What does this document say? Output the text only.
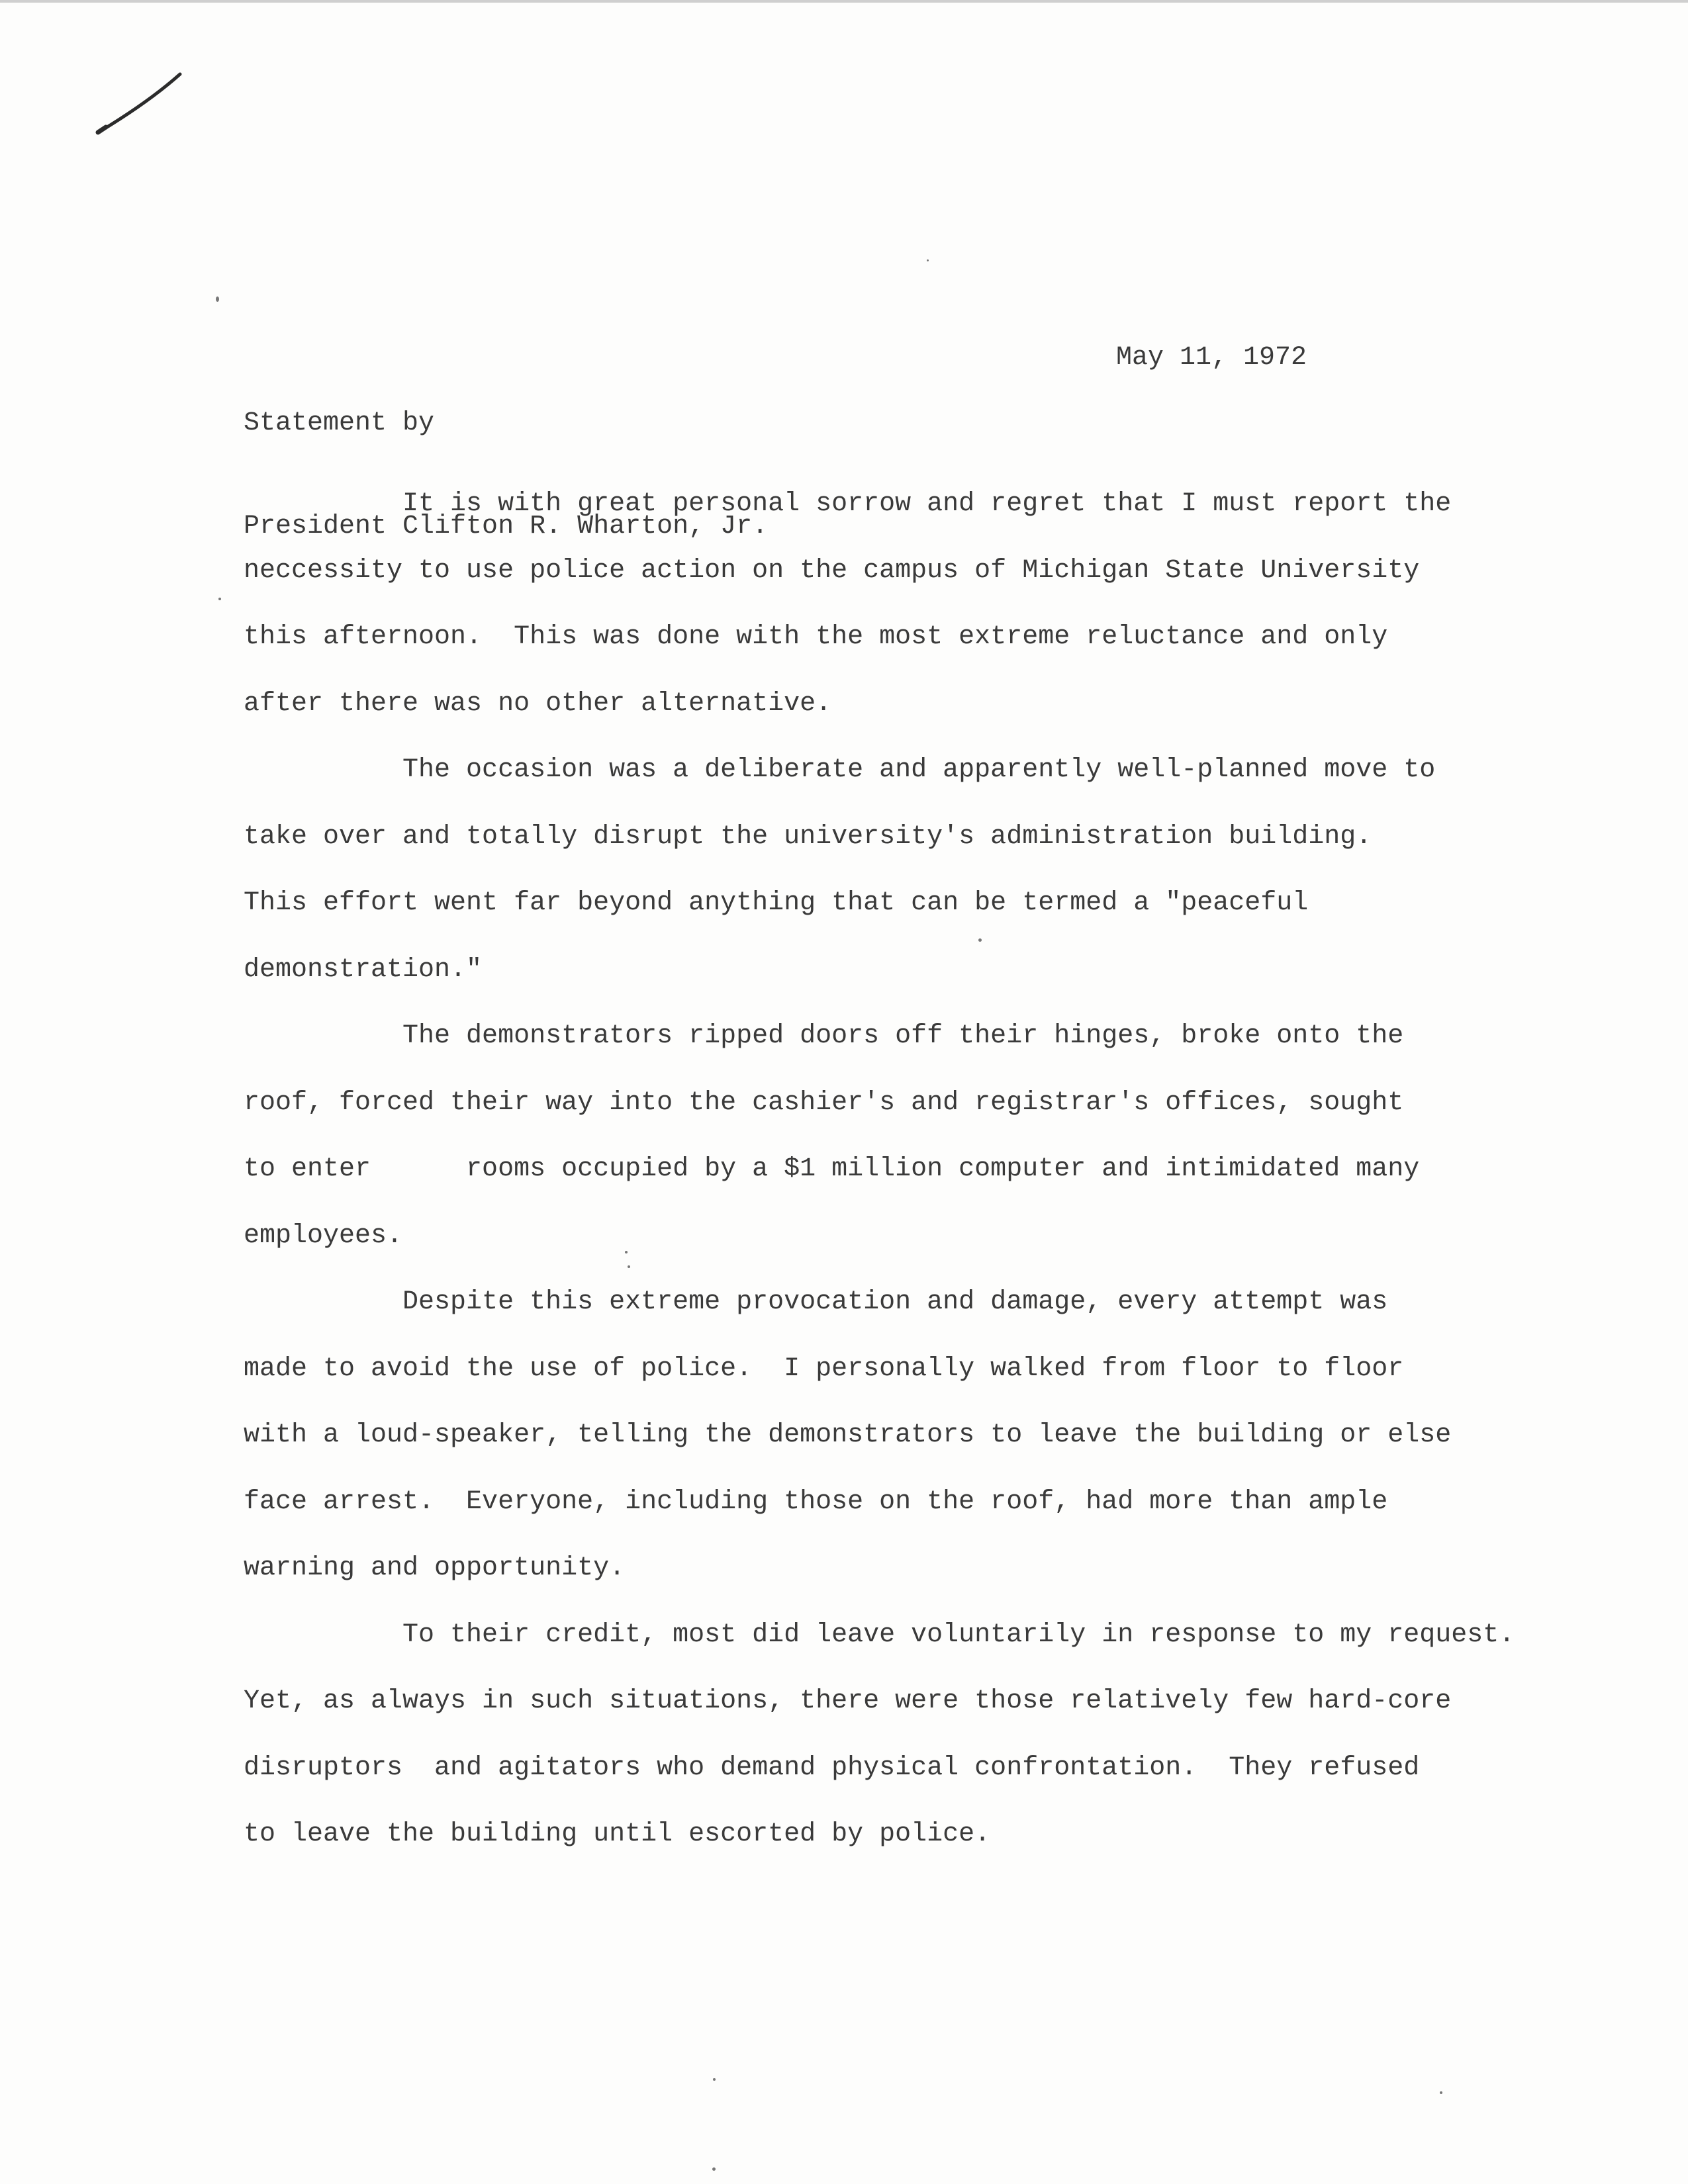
Statement by

President Clifton R. Wharton, Jr.

May 11, 1972
It is with great personal sorrow and regret that I must report the
neccessity to use police action on the campus of Michigan State University
this afternoon.  This was done with the most extreme reluctance and only
after there was no other alternative.
The occasion was a deliberate and apparently well-planned move to
take over and totally disrupt the university's administration building.
This effort went far beyond anything that can be termed a "peaceful
demonstration."
The demonstrators ripped doors off their hinges, broke onto the
roof, forced their way into the cashier's and registrar's offices, sought
to enter      rooms occupied by a $1 million computer and intimidated many
employees.
Despite this extreme provocation and damage, every attempt was
made to avoid the use of police.  I personally walked from floor to floor
with a loud-speaker, telling the demonstrators to leave the building or else
face arrest.  Everyone, including those on the roof, had more than ample
warning and opportunity.
To their credit, most did leave voluntarily in response to my request.
Yet, as always in such situations, there were those relatively few hard-core
disruptors  and agitators who demand physical confrontation.  They refused
to leave the building until escorted by police.
